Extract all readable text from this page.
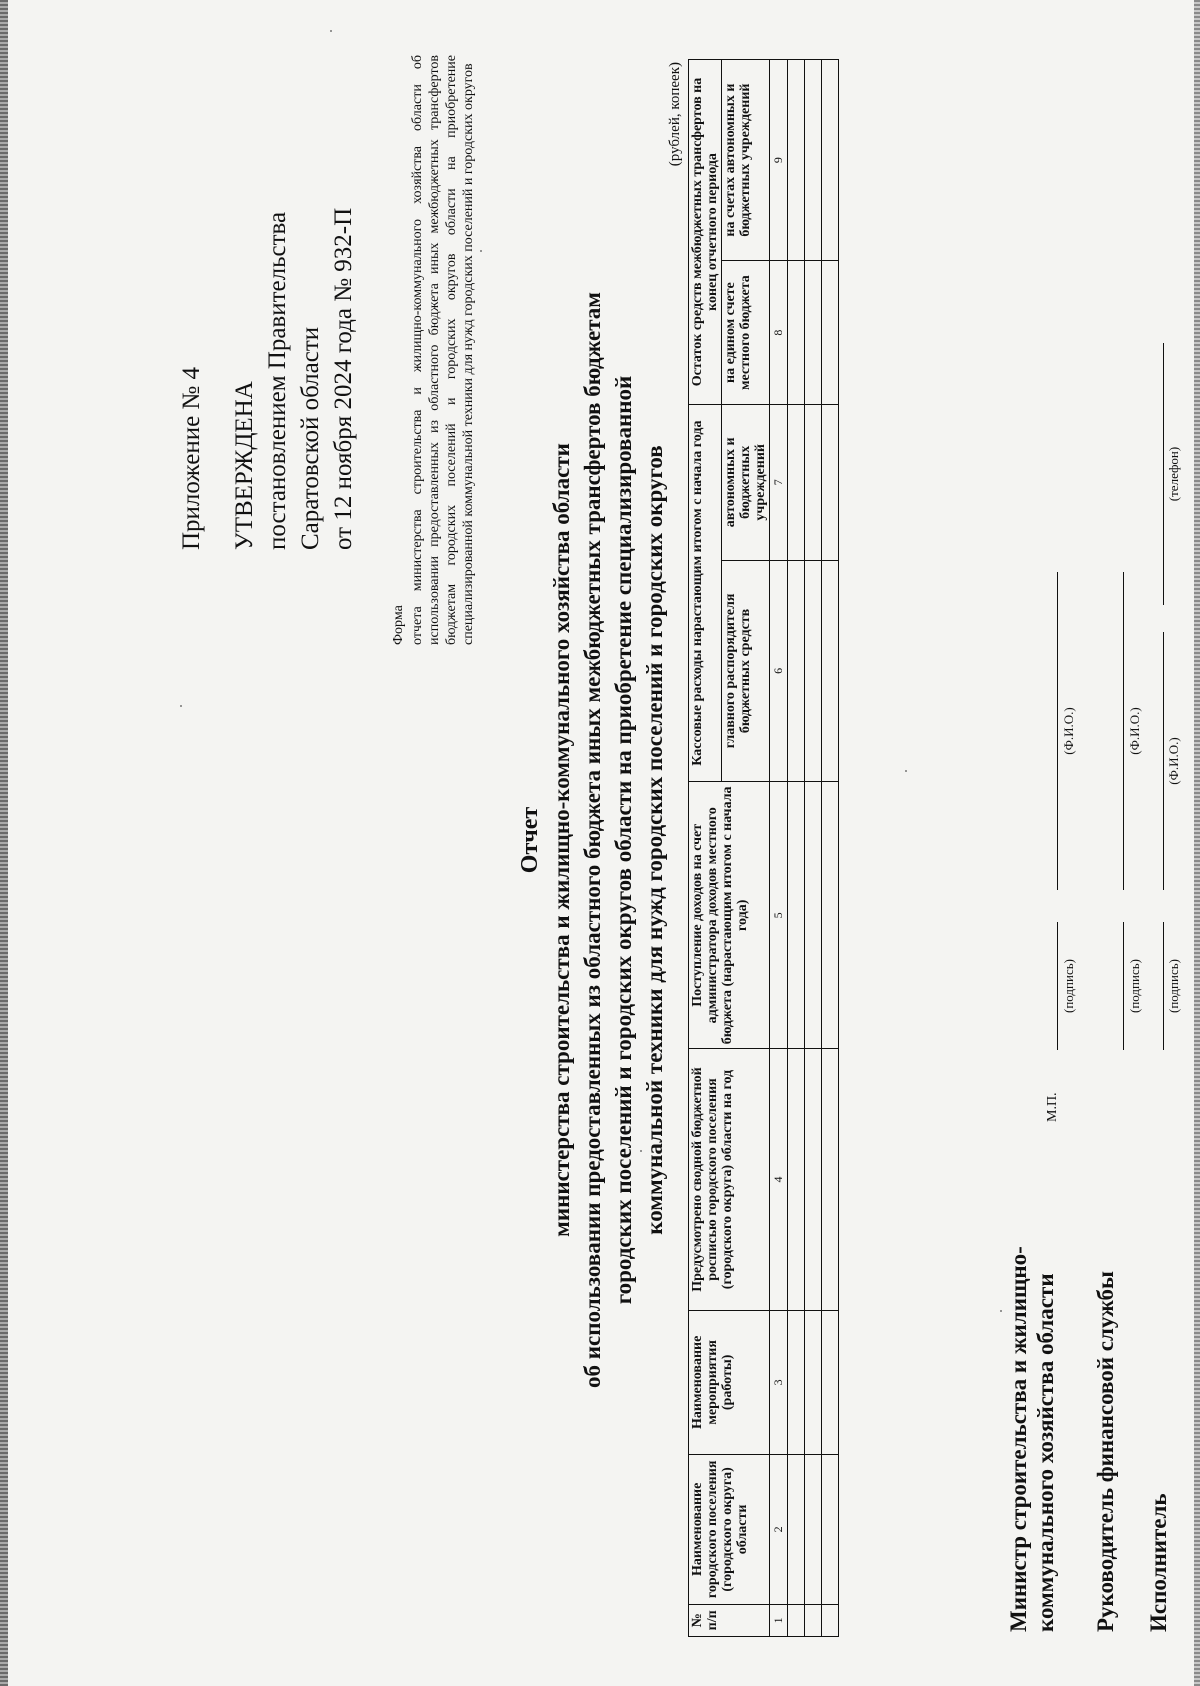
Приложение № 4 УТВЕРЖДЕНА постановлением Правительства Саратовской области от 12 ноября 2024 года № 932-П
Форма отчета министерства строительства и жилищно-коммунального хозяйства области об использовании предоставленных из областного бюджета иных межбюджетных трансфертов бюджетам городских поселений и городских округов области на приобретение специализированной коммунальной техники для нужд городских поселений и городских округов
Отчет министерства строительства и жилищно-коммунального хозяйства области об использовании предоставленных из областного бюджета иных межбюджетных трансфертов бюджетам городских поселений и городских округов области на приобретение специализированной коммунальной техники для нужд городских поселений и городских округов
(рублей, копеек)
№ п/п	Наименование городского поселения (городского округа) области	Наименование мероприятия (работы)	Предусмотрено сводной бюджетной росписью городского поселения (городского округа) области на год	Поступление доходов на счет администратора доходов местного бюджета (нарастающим итогом с начала года)	Кассовые расходы нарастающим итогом с начала года		Остаток средств межбюджетных трансфертов на конец отчетного периода	
					главного распорядителя бюджетных средств	автономных и бюджетных учреждений	на едином счете местного бюджета	на счетах автономных и бюджетных учреждений
1	2	3	4	5	6	7	8	9

Министр строительства и жилищно- коммунального хозяйства области
М.П.
(подпись)
(Ф.И.О.)
Руководитель финансовой службы
(подпись)
(Ф.И.О.)
Исполнитель
(подпись)
(Ф.И.О.)
(телефон)
